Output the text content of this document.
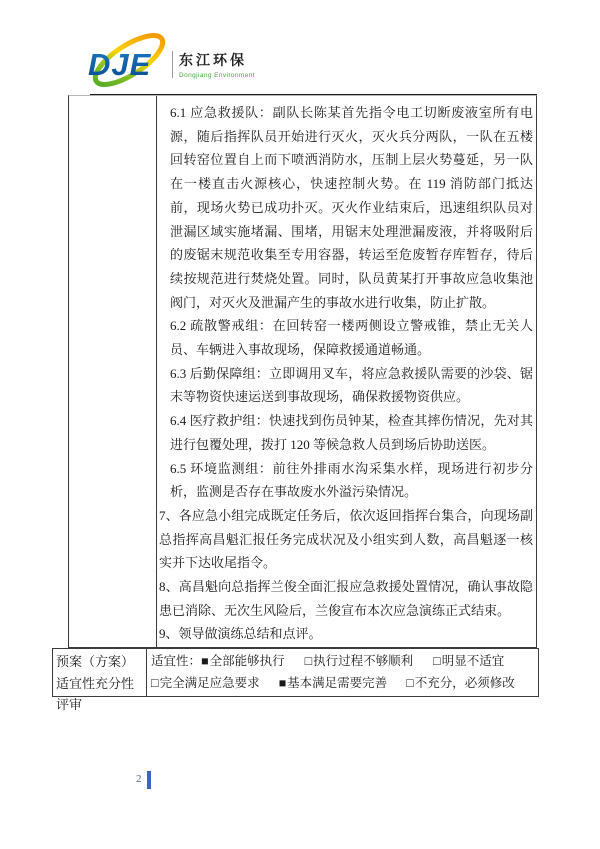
DJE 东江环保
Dongjiang Environment

6.1 应急救援队：副队长陈某首先指令电工切断废液室所有电源，随后指挥队员开始进行灭火，灭火兵分两队，一队在五楼回转窑位置自上而下喷洒消防水，压制上层火势蔓延，另一队在一楼直击火源核心，快速控制火势。在 119 消防部门抵达前，现场火势已成功扑灭。灭火作业结束后，迅速组织队员对泄漏区域实施堵漏、围堵，用锯末处理泄漏废液，并将吸附后的废锯末规范收集至专用容器，转运至危废暂存库暂存，待后续按规范进行焚烧处置。同时，队员黄某打开事故应急收集池阀门，对灭火及泄漏产生的事故水进行收集，防止扩散。

6.2 疏散警戒组：在回转窑一楼两侧设立警戒锥，禁止无关人员、车辆进入事故现场，保障救援通道畅通。

6.3 后勤保障组：立即调用叉车，将应急救援队需要的沙袋、锯末等物资快速运送到事故现场，确保救援物资供应。

6.4 医疗救护组：快速找到伤员钟某，检查其摔伤情况，先对其进行包覆处理，拨打 120 等候急救人员到场后协助送医。

6.5 环境监测组：前往外排雨水沟采集水样，现场进行初步分析，监测是否存在事故废水外溢污染情况。

7、各应急小组完成既定任务后，依次返回指挥台集合，向现场副总指挥高昌魁汇报任务完成状况及小组实到人数，高昌魁逐一核实并下达收尾指令。

8、高昌魁向总指挥兰俊全面汇报应急救援处置情况，确认事故隐患已消除、无次生风险后，兰俊宣布本次应急演练正式结束。

9、领导做演练总结和点评。

预案（方案）适宜性充分性评审
适宜性： ■ 全部能够执行 □ 执行过程不够顺利 □ 明显不适宜
□ 完全满足应急要求 ■ 基本满足需要完善 □ 不充分，必须修改
2
